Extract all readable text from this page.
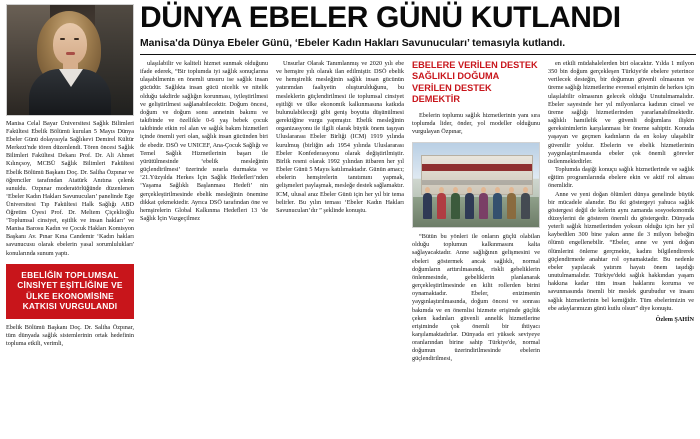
Manisa Celal Bayar Üniversitesi Sağlık Bilimleri Fakültesi Ebelik Bölümü kurulan 5 Mayıs Dünya Ebeler Günü dolayısıyla Sağlıkevi Demirel Kültür Merkezi'nde tören düzenlendi. Tören öncesi Sağlık Bilimleri Fakültesi Dekanı Prof. Dr. Ali Ahmet Kılınçsoy, MCBÜ Sağlık Bilimleri Fakültesi Ebelik Bölümü Başkanı Doç. Dr. Saliha Özpınar ve öğrenciler tarafından Atatürk Anıtına çelenk sunuldu. Ozpınar moderatörlüğünde düzenlenen ‘Ebeler Kadın Hakları Savunucuları’ panelinde Ege Üniversitesi Tıp Fakültesi Halk Sağlığı ABD Öğretim Üyesi Prof. Dr. Meltem Çiçeklioğlu ‘Toplumsal cinsiyet, eşitlik ve insan hakları’ ve Manisa Barosu Kadın ve Çocuk Hakları Komisyon Başkanı Av. Pınar Kına Candemir ‘Kadın hakları savunucusu olarak ebelerin yasal sorumlulukları' konularında sunum yaptı.
EBELİĞİN TOPLUMSAL CİNSİYET EŞİTLİĞİNE VE ÜLKE EKONOMİSİNE KATKISI VURGULANDI
Ebelik Bölümü Başkanı Doç. Dr. Saliha Özpınar, tüm dünyada sağlık sistemlerinin ortak hedefinin topluma etkili, verimli,
DÜNYA EBELER GÜNÜ KUTLANDI
Manisa'da Dünya Ebeler Günü, ‘Ebeler Kadın Hakları Savunucuları’ temasıyla kutlandı.

ulaşılabilir ve kaliteli hizmet sunmak olduğunu ifade ederek, “Bir toplumda iyi sağlık sonuçlarına ulaşabilmenin en önemli unsuru ise sağlık insan gücüdür. Sağlıkta insan gücü nicelik ve nitelik olduğu takdirde sağlığın korunması, iyileştirilmesi ve geliştirilmesi sağlanabilecektir. Doğum öncesi, doğum ve doğum sonu anneinin bakımı ve takibinde ve özellikle 0-6 yaş bebek çocuk takibinde etkin rol alan ve sağlık bakım hizmetleri içinde önemli yeri olan, sağlık insan gücünden biri de ebedir. DSÖ ve UNICEF, Ana-Çocuk Sağlığı ve Temel Sağlık Hizmetlerinin başarı ile yürütülmesinde ‘ebelik mesleğinin güçlendirilmesi’ üzerinde ısrarla durmakta ve ‘21.Yüzyılda Herkes İçin Sağlık Hedefleri’nden ‘Yaşama Sağlıklı Başlanması Hedefi’ nin gerçekleştirilmesinde ebelik mesleğinin önemine dikkat çekmektedir. Ayrıca DSÖ tarafından öne ve hemşirelerin Global Kalkınma Hedefleri 13 'de Sağlık İçin Vazgeçilmez

Unsurlar Olarak Tanımlanmış ve 2020 yılı ebe ve hemşire yılı olarak ilan edilmiştir. DSÖ ebelik ve hemşirelik mesleğinin sağlık insan gücünün yatırımdan faaliyetin oluşturulduğunu, bu mesleklerin güçlendirilmesi ile toplumsal cinsiyet eşitliği ve ülke ekonomik kalkınmasına katkıda bulunulabileceği gibi geniş boyutta düşünülmesi gerektiğine vurgu yapmıştır. Ebelik mesleğinin organizasyonu ile ilgili olarak büyük önem taşıyan Uluslararası Ebeler Birliği (ICM) 1919 yılında kurulmuş (birliğin adı 1954 yılında Uluslararası Ebeler Konfederasyonu olarak değiştirilmiştir. Birlik resmi olarak 1992 yılından itibaren her yıl Ebeler Günü 5 Mayıs katılımaktadır. Günün amacı; ebelerin hemşirelerin tanıtımını yapmak, gelişmeleri paylaşmak, mesleğe destek sağlamaktır. ICM, ulusal araz Ebeler Günü için her yıl bir tema belirler. Bu yılın teması ‘Ebeler Kadın Hakları Savunucuları’dır ” şeklinde konuştu.

EBELERE VERİLEN DESTEK SAĞLIKLI DOĞUMA VERİLEN DESTEK DEMEKTİR

Ebelerin toplumu sağlık hizmetlerinin yanı sıra toplumda lider, önder, yol modeller olduğunu vurgulayan Özpınar,

“Bütün bu yönleri ile onların güçlü olabilan olduğu toplumun kalkınmasını kalta sağlayacaktadır. Anne sağlığının gelişmesini ve ebeleri göstermek ancak sağlıklı, normal doğumların arttırılmasında, riskli gebeliklerin önlenmesinde, gebeliklerin planlanarak gerçekleştirilmesinde en kilit rollerden birini oynamaktadır. Ebeler, enizimenin yaygınlaştırılmasında, doğum öncesi ve sonrası bakımda ve en önemlisi hizmete erişimde güçlük çeken kadınları güvenli annelik hizmetlerine erişiminde çok önemli bir ihtiyacı karşılamaktadırlar. Dünyada eri yüksek seviyeye oranlarından birine sahip Türkiye'de, normal doğumun üzerindirilmesinde ebelerin güçlendirilmesi,

en etkili müdahalelerden biri olacaktır. Yılda 1 milyon 350 bin doğum gerçekleşen Türkiye'de ebelere yeterince verilecek desteğin, bir doğumun güvenli olmasının ve üreme sağlığı hizmetlerine evrensel erişimin de herkes için ulaşılabilir olmasının gelecek olduğu Unutulmamalıdır. Ebeler sayesinde her yıl milyonlarca kadının cinsel ve üreme sağlığı hizmetlerinden yararlanabilmektedir. sağlıklı hamilelik ve güvenli doğumlara ilişkin gereksinimlerin karşılanması bir öneme sahiptir. Konuda yaşayan ve geçmen kadınların da en kolay ulaşabilir güvenilir yoldur. Ebelerin ve ebelik hizmetlerinin yaygınlaştırılmasında ebeler çok önemli görevler üstlenmektedirler.

Toplumda daşiği konuçu sağlık hizmetlerinde ve sağlık eğitim programlarında ebelere ekin ve aktif rol alması önemlidir.

Anne ve yeni doğan ölümleri dünya genelinde büyük bir mücadele alanıdır. Bu iki göstergeyi yahuca sağlık göstergesi değil de kelerin aynı zamanda sosyoekonomik düzeylerini de gösteren önemli du göstergedir. Dünyada yeterli sağlık hizmetlerinden yoksun olduğu için her yıl kaybedilen 300 bine yakın anne ile 3 milyon bebeğin ölümü engellenebilir. “Ebeler, anne ve yeni doğan ölümlerini önleme gerçmekte, kadını bilgilendirerek güçlendirmede anahtar rol oynamaktadır. Bu nedenle ebeler yapılacak yatırım hayatı önem taşıdığı unutulmamalıdır. Türkiye'deki sağlık hakkından yaşam hakkına kadar tüm insan haklarını koruma ve savunmasında önemli bir meslek gurubudur ve insanı sağlık hizmetlerinin bel kemiğidir. Tüm ebelerimizin ve ebe adaylarımızın günü kutlu olsun” diye konuştu.

Özlem ŞAHİN
